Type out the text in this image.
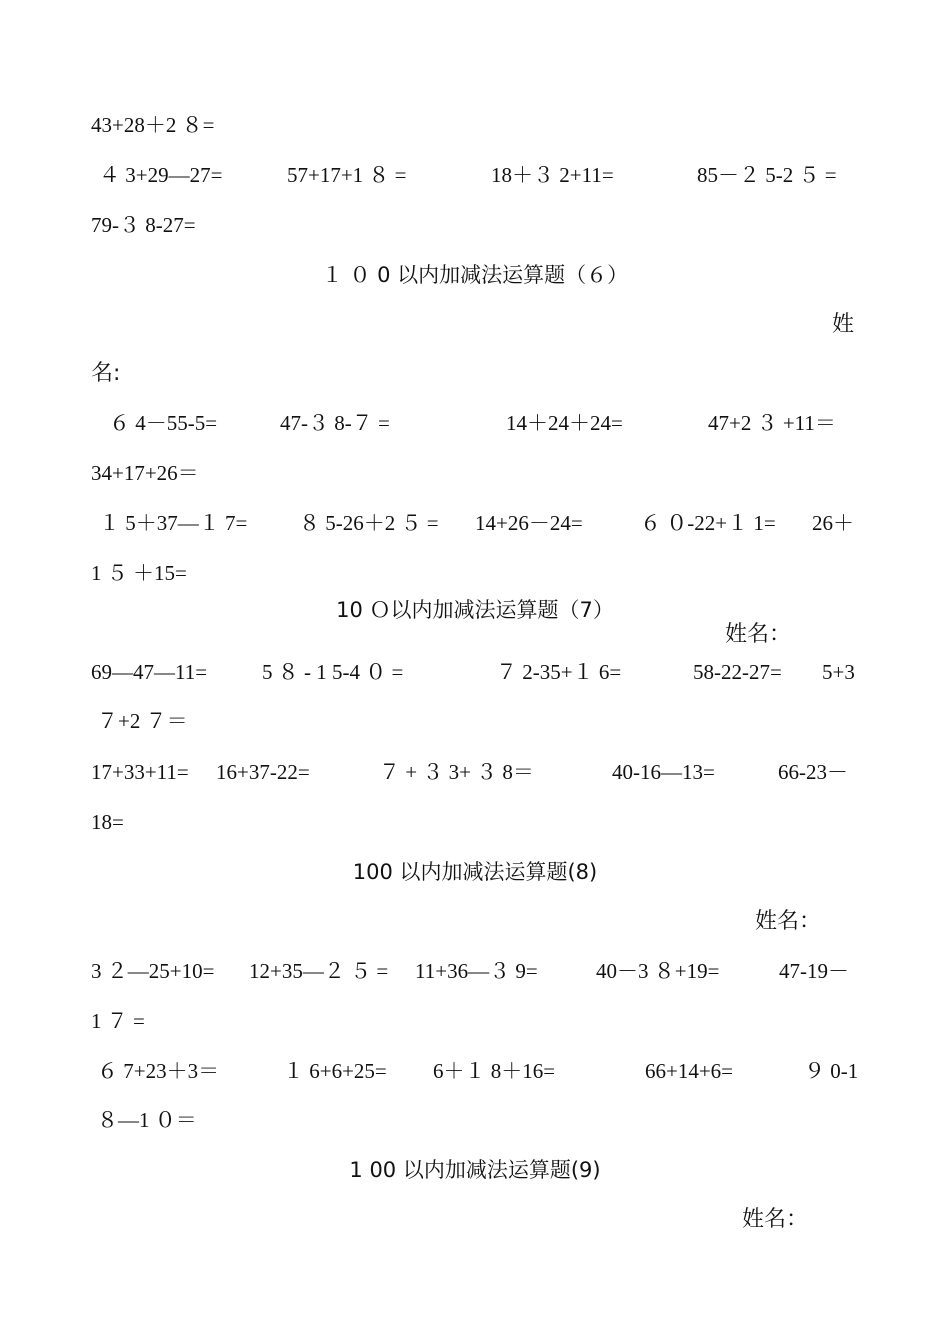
43+28＋2 ８=
４ 3+29—27=	57+17+1 ８ =	18＋３ 2+11=	85－２ 5-2 ５ =
79-３ 8-27=
１ ０ 0 以内加减法运算题（６）
姓
名:
６ 4－55-5=	47-３ 8-７ =	14＋24＋24=	47+2 ３ +11＝
34+17+26＝
１ 5＋37—１ 7= ８ 5-26＋2 ５ = 14+26－24=	６ ０-22+１ 1= 26＋
1 ５ ＋15=
10 Ｏ以内加减法运算题（7）
姓名：
69—47—11=	5 ８ - 1 5-4 ０ =	７ 2-35+１ 6=	58-22-27= 5+3
７+2 ７＝
17+33+11= 16+37-22=	７ + ３ 3+ ３ 8＝	40-16—13=	66-23－
18=
100 以内加减法运算题(8)
姓名：
3 ２—25+10= 12+35—２ ５ = 11+36—３ 9=	40－3 ８+19=	47-19－
1 ７ =
６ 7+23＋3＝	１ 6+6+25= 6＋１ 8＋16=	66+14+6=	９ 0-1
８—1 ０＝
1 00 以内加减法运算题(9)
姓名：
